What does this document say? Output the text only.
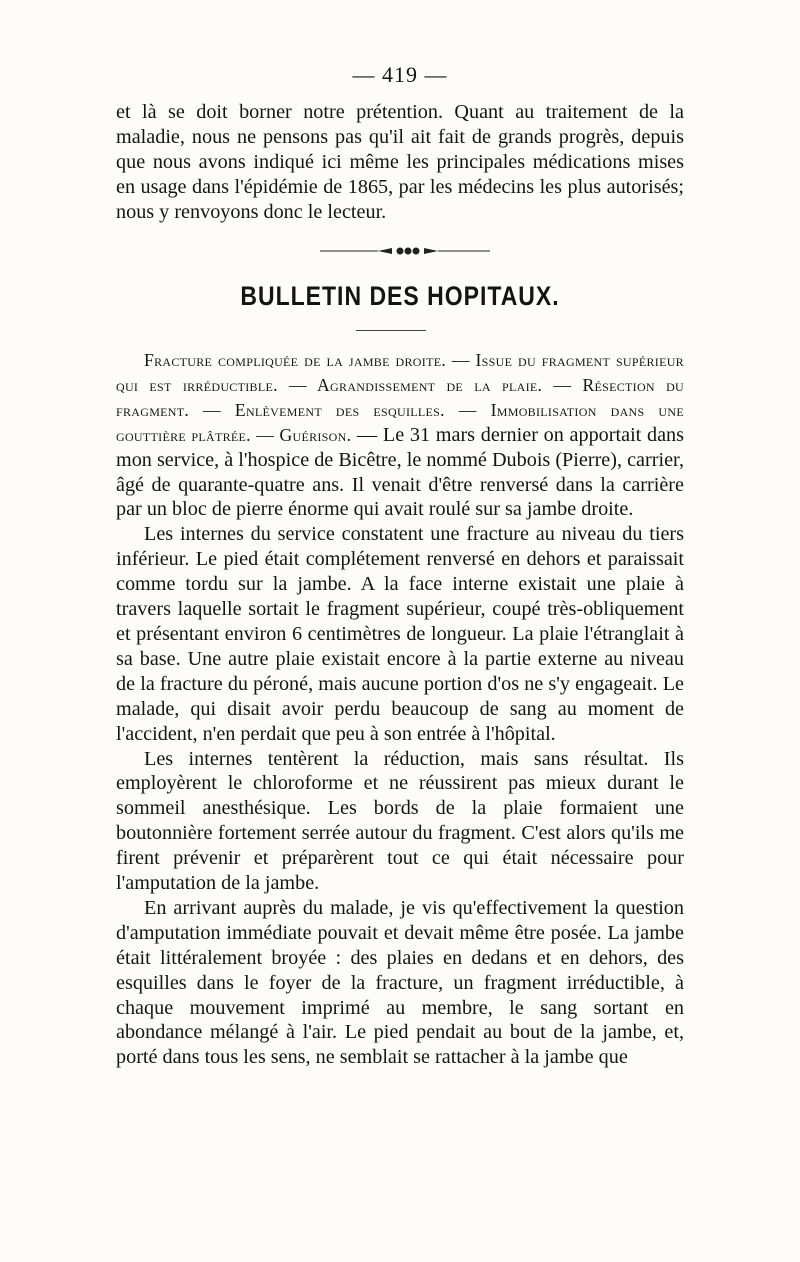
— 419 —

et là se doit borner notre prétention. Quant au traitement de la maladie, nous ne pensons pas qu'il ait fait de grands progrès, depuis que nous avons indiqué ici même les principales médications mises en usage dans l'épidémie de 1865, par les médecins les plus autorisés; nous y renvoyons donc le lecteur.

BULLETIN DES HOPITAUX.

Fracture compliquée de la jambe droite. — Issue du fragment supérieur qui est irréductible. — Agrandissement de la plaie. — Résection du fragment. — Enlèvement des esquilles. — Immobilisation dans une gouttière plâtrée. — Guérison. — Le 31 mars dernier on apportait dans mon service, à l'hospice de Bicêtre, le nommé Dubois (Pierre), carrier, âgé de quarante-quatre ans. Il venait d'être renversé dans la carrière par un bloc de pierre énorme qui avait roulé sur sa jambe droite.

Les internes du service constatent une fracture au niveau du tiers inférieur. Le pied était complétement renversé en dehors et paraissait comme tordu sur la jambe. A la face interne existait une plaie à travers laquelle sortait le fragment supérieur, coupé très-obliquement et présentant environ 6 centimètres de longueur. La plaie l'étranglait à sa base. Une autre plaie existait encore à la partie externe au niveau de la fracture du péroné, mais aucune portion d'os ne s'y engageait. Le malade, qui disait avoir perdu beaucoup de sang au moment de l'accident, n'en perdait que peu à son entrée à l'hôpital.

Les internes tentèrent la réduction, mais sans résultat. Ils employèrent le chloroforme et ne réussirent pas mieux durant le sommeil anesthésique. Les bords de la plaie formaient une boutonnière fortement serrée autour du fragment. C'est alors qu'ils me firent prévenir et préparèrent tout ce qui était nécessaire pour l'amputation de la jambe.

En arrivant auprès du malade, je vis qu'effectivement la question d'amputation immédiate pouvait et devait même être posée. La jambe était littéralement broyée : des plaies en dedans et en dehors, des esquilles dans le foyer de la fracture, un fragment irréductible, à chaque mouvement imprimé au membre, le sang sortant en abondance mélangé à l'air. Le pied pendait au bout de la jambe, et, porté dans tous les sens, ne semblait se rattacher à la jambe que
